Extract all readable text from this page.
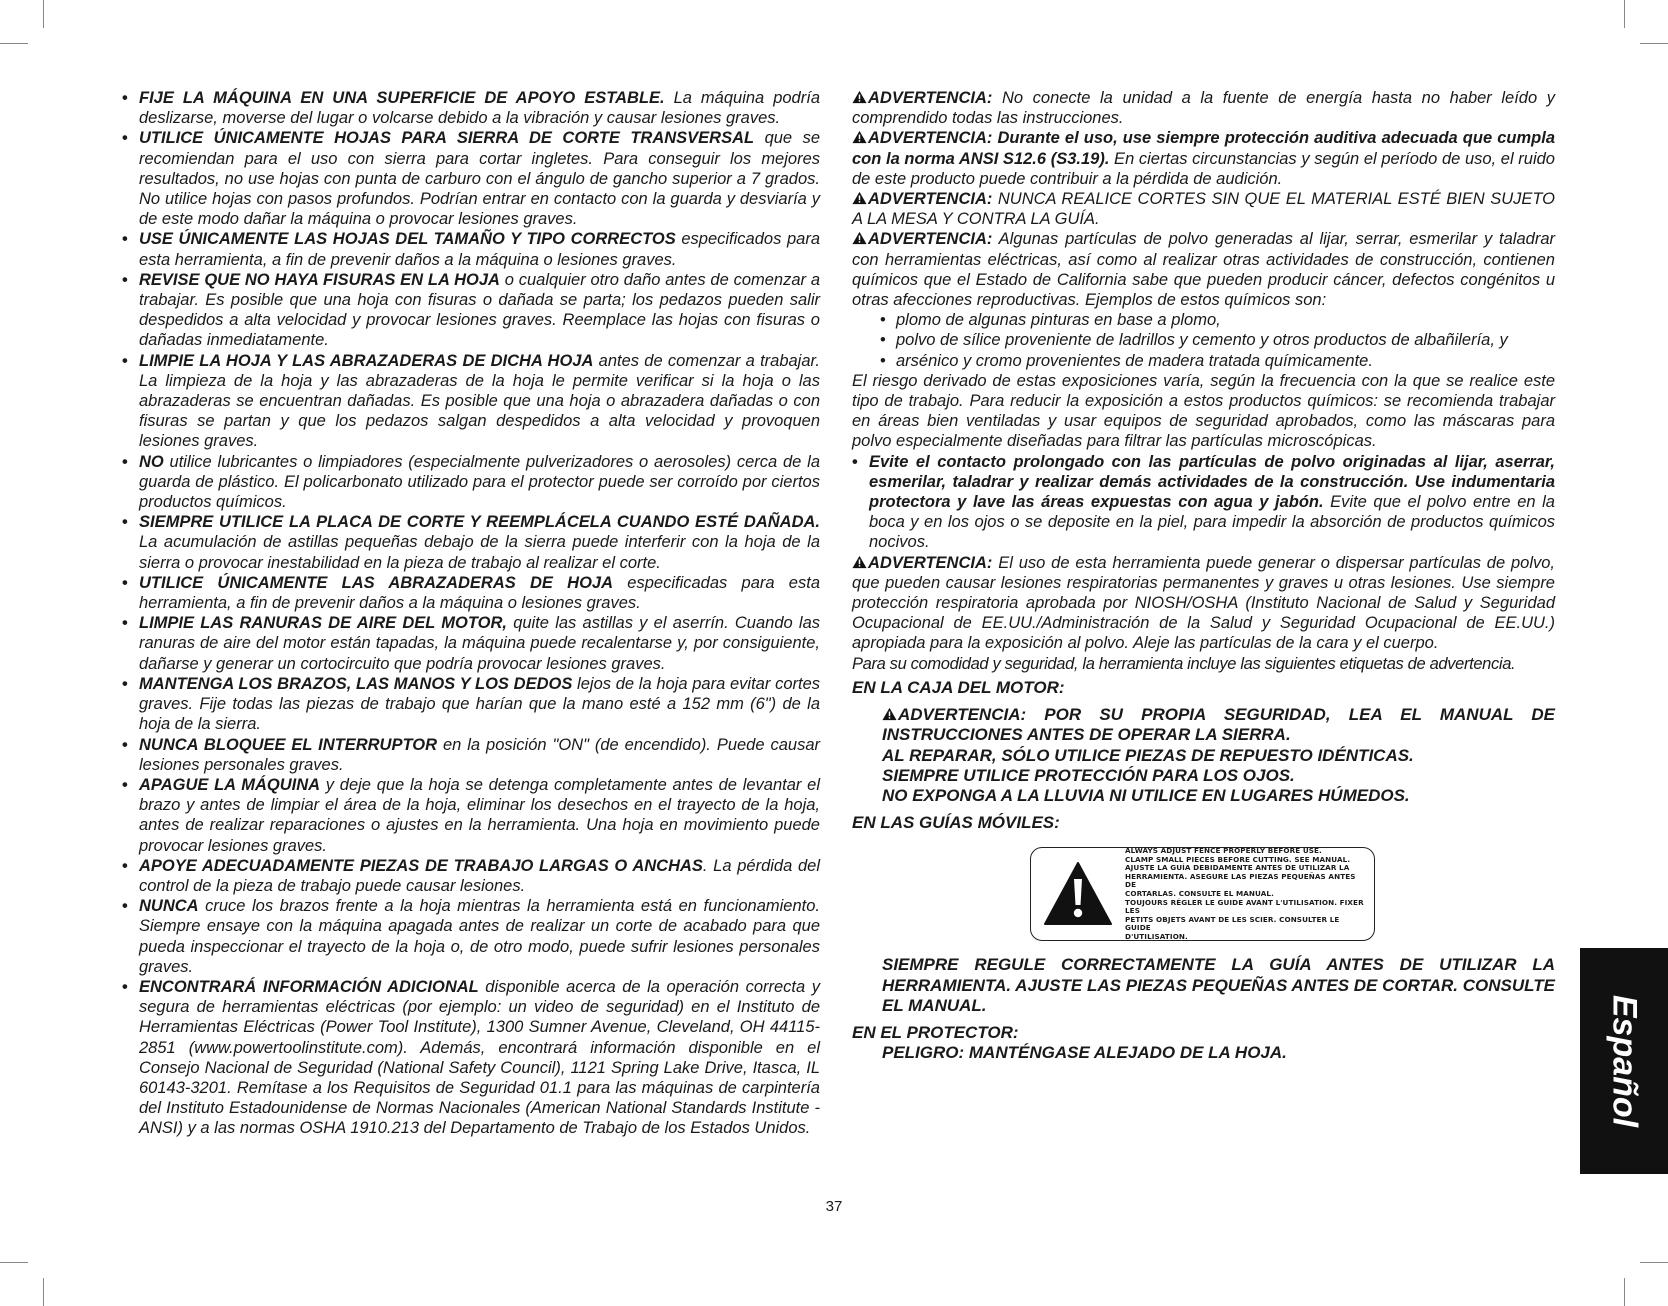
• FIJE LA MÁQUINA EN UNA SUPERFICIE DE APOYO ESTABLE. La máquina podría deslizarse, moverse del lugar o volcarse debido a la vibración y causar lesiones graves.

• UTILICE ÚNICAMENTE HOJAS PARA SIERRA DE CORTE TRANSVERSAL que se recomiendan para el uso con sierra para cortar ingletes. Para conseguir los mejores resultados, no use hojas con punta de carburo con el ángulo de gancho superior a 7 grados. No utilice hojas con pasos profundos. Podrían entrar en contacto con la guarda y desviaría y de este modo dañar la máquina o provocar lesiones graves.

• USE ÚNICAMENTE LAS HOJAS DEL TAMAÑO Y TIPO CORRECTOS especificados para esta herramienta, a fin de prevenir daños a la máquina o lesiones graves.

• REVISE QUE NO HAYA FISURAS EN LA HOJA o cualquier otro daño antes de comenzar a trabajar. Es posible que una hoja con fisuras o dañada se parta; los pedazos pueden salir despedidos a alta velocidad y provocar lesiones graves. Reemplace las hojas con fisuras o dañadas inmediatamente.

• LIMPIE LA HOJA Y LAS ABRAZADERAS DE DICHA HOJA antes de comenzar a trabajar. La limpieza de la hoja y las abrazaderas de la hoja le permite verificar si la hoja o las abrazaderas se encuentran dañadas. Es posible que una hoja o abrazadera dañadas o con fisuras se partan y que los pedazos salgan despedidos a alta velocidad y provoquen lesiones graves.

• NO utilice lubricantes o limpiadores (especialmente pulverizadores o aerosoles) cerca de la guarda de plástico. El policarbonato utilizado para el protector puede ser corroído por ciertos productos químicos.

• SIEMPRE UTILICE LA PLACA DE CORTE Y REEMPLÁCELA CUANDO ESTÉ DAÑADA. La acumulación de astillas pequeñas debajo de la sierra puede interferir con la hoja de la sierra o provocar inestabilidad en la pieza de trabajo al realizar el corte.

• UTILICE ÚNICAMENTE LAS ABRAZADERAS DE HOJA especificadas para esta herramienta, a fin de prevenir daños a la máquina o lesiones graves.

• LIMPIE LAS RANURAS DE AIRE DEL MOTOR, quite las astillas y el aserrín. Cuando las ranuras de aire del motor están tapadas, la máquina puede recalentarse y, por consiguiente, dañarse y generar un cortocircuito que podría provocar lesiones graves.

• MANTENGA LOS BRAZOS, LAS MANOS Y LOS DEDOS lejos de la hoja para evitar cortes graves. Fije todas las piezas de trabajo que harían que la mano esté a 152 mm (6") de la hoja de la sierra.

• NUNCA BLOQUEE EL INTERRUPTOR en la posición "ON" (de encendido). Puede causar lesiones personales graves.

• APAGUE LA MÁQUINA y deje que la hoja se detenga completamente antes de levantar el brazo y antes de limpiar el área de la hoja, eliminar los desechos en el trayecto de la hoja, antes de realizar reparaciones o ajustes en la herramienta. Una hoja en movimiento puede provocar lesiones graves.

• APOYE ADECUADAMENTE PIEZAS DE TRABAJO LARGAS O ANCHAS. La pérdida del control de la pieza de trabajo puede causar lesiones.

• NUNCA cruce los brazos frente a la hoja mientras la herramienta está en funcionamiento. Siempre ensaye con la máquina apagada antes de realizar un corte de acabado para que pueda inspeccionar el trayecto de la hoja o, de otro modo, puede sufrir lesiones personales graves.

• ENCONTRARÁ INFORMACIÓN ADICIONAL disponible acerca de la operación correcta y segura de herramientas eléctricas (por ejemplo: un video de seguridad) en el Instituto de Herramientas Eléctricas (Power Tool Institute), 1300 Sumner Avenue, Cleveland, OH 44115-2851 (www.powertoolinstitute.com). Además, encontrará información disponible en el Consejo Nacional de Seguridad (National Safety Council), 1121 Spring Lake Drive, Itasca, IL 60143-3201. Remítase a los Requisitos de Seguridad 01.1 para las máquinas de carpintería del Instituto Estadounidense de Normas Nacionales (American National Standards Institute - ANSI) y a las normas OSHA 1910.213 del Departamento de Trabajo de los Estados Unidos.

ADVERTENCIA: No conecte la unidad a la fuente de energía hasta no haber leído y comprendido todas las instrucciones.

ADVERTENCIA: Durante el uso, use siempre protección auditiva adecuada que cumpla con la norma ANSI S12.6 (S3.19). En ciertas circunstancias y según el período de uso, el ruido de este producto puede contribuir a la pérdida de audición.

ADVERTENCIA: NUNCA REALICE CORTES SIN QUE EL MATERIAL ESTÉ BIEN SUJETO A LA MESA Y CONTRA LA GUÍA.

ADVERTENCIA: Algunas partículas de polvo generadas al lijar, serrar, esmerilar y taladrar con herramientas eléctricas, así como al realizar otras actividades de construcción, contienen químicos que el Estado de California sabe que pueden producir cáncer, defectos congénitos u otras afecciones reproductivas. Ejemplos de estos químicos son:

• plomo de algunas pinturas en base a plomo,

• polvo de sílice proveniente de ladrillos y cemento y otros productos de albañilería, y

• arsénico y cromo provenientes de madera tratada químicamente.

El riesgo derivado de estas exposiciones varía, según la frecuencia con la que se realice este tipo de trabajo. Para reducir la exposición a estos productos químicos: se recomienda trabajar en áreas bien ventiladas y usar equipos de seguridad aprobados, como las máscaras para polvo especialmente diseñadas para filtrar las partículas microscópicas.

• Evite el contacto prolongado con las partículas de polvo originadas al lijar, aserrar, esmerilar, taladrar y realizar demás actividades de la construcción. Use indumentaria protectora y lave las áreas expuestas con agua y jabón. Evite que el polvo entre en la boca y en los ojos o se deposite en la piel, para impedir la absorción de productos químicos nocivos.

ADVERTENCIA: El uso de esta herramienta puede generar o dispersar partículas de polvo, que pueden causar lesiones respiratorias permanentes y graves u otras lesiones. Use siempre protección respiratoria aprobada por NIOSH/OSHA (Instituto Nacional de Salud y Seguridad Ocupacional de EE.UU./Administración de la Salud y Seguridad Ocupacional de EE.UU.) apropiada para la exposición al polvo. Aleje las partículas de la cara y el cuerpo.

Para su comodidad y seguridad, la herramienta incluye las siguientes etiquetas de advertencia.

EN LA CAJA DEL MOTOR:

ADVERTENCIA: POR SU PROPIA SEGURIDAD, LEA EL MANUAL DE INSTRUCCIONES ANTES DE OPERAR LA SIERRA.

AL REPARAR, SÓLO UTILICE PIEZAS DE REPUESTO IDÉNTICAS.

SIEMPRE UTILICE PROTECCIÓN PARA LOS OJOS.

NO EXPONGA A LA LLUVIA NI UTILICE EN LUGARES HÚMEDOS.

EN LAS GUÍAS MÓVILES:

ALWAYS ADJUST FENCE PROPERLY BEFORE USE.
CLAMP SMALL PIECES BEFORE CUTTING. SEE MANUAL.
AJUSTE LA GUÍA DEBIDAMENTE ANTES DE UTILIZAR LA
HERRAMIENTA. ASEGURE LAS PIEZAS PEQUEÑAS ANTES DE
CORTARLAS. CONSULTE EL MANUAL.
TOUJOURS RÉGLER LE GUIDE AVANT L'UTILISATION. FIXER LES
PETITS OBJETS AVANT DE LES SCIER. CONSULTER LE GUIDE
D'UTILISATION.

SIEMPRE REGULE CORRECTAMENTE LA GUÍA ANTES DE UTILIZAR LA HERRAMIENTA. AJUSTE LAS PIEZAS PEQUEÑAS ANTES DE CORTAR. CONSULTE EL MANUAL.

EN EL PROTECTOR:

PELIGRO: MANTÉNGASE ALEJADO DE LA HOJA.

37
Español
